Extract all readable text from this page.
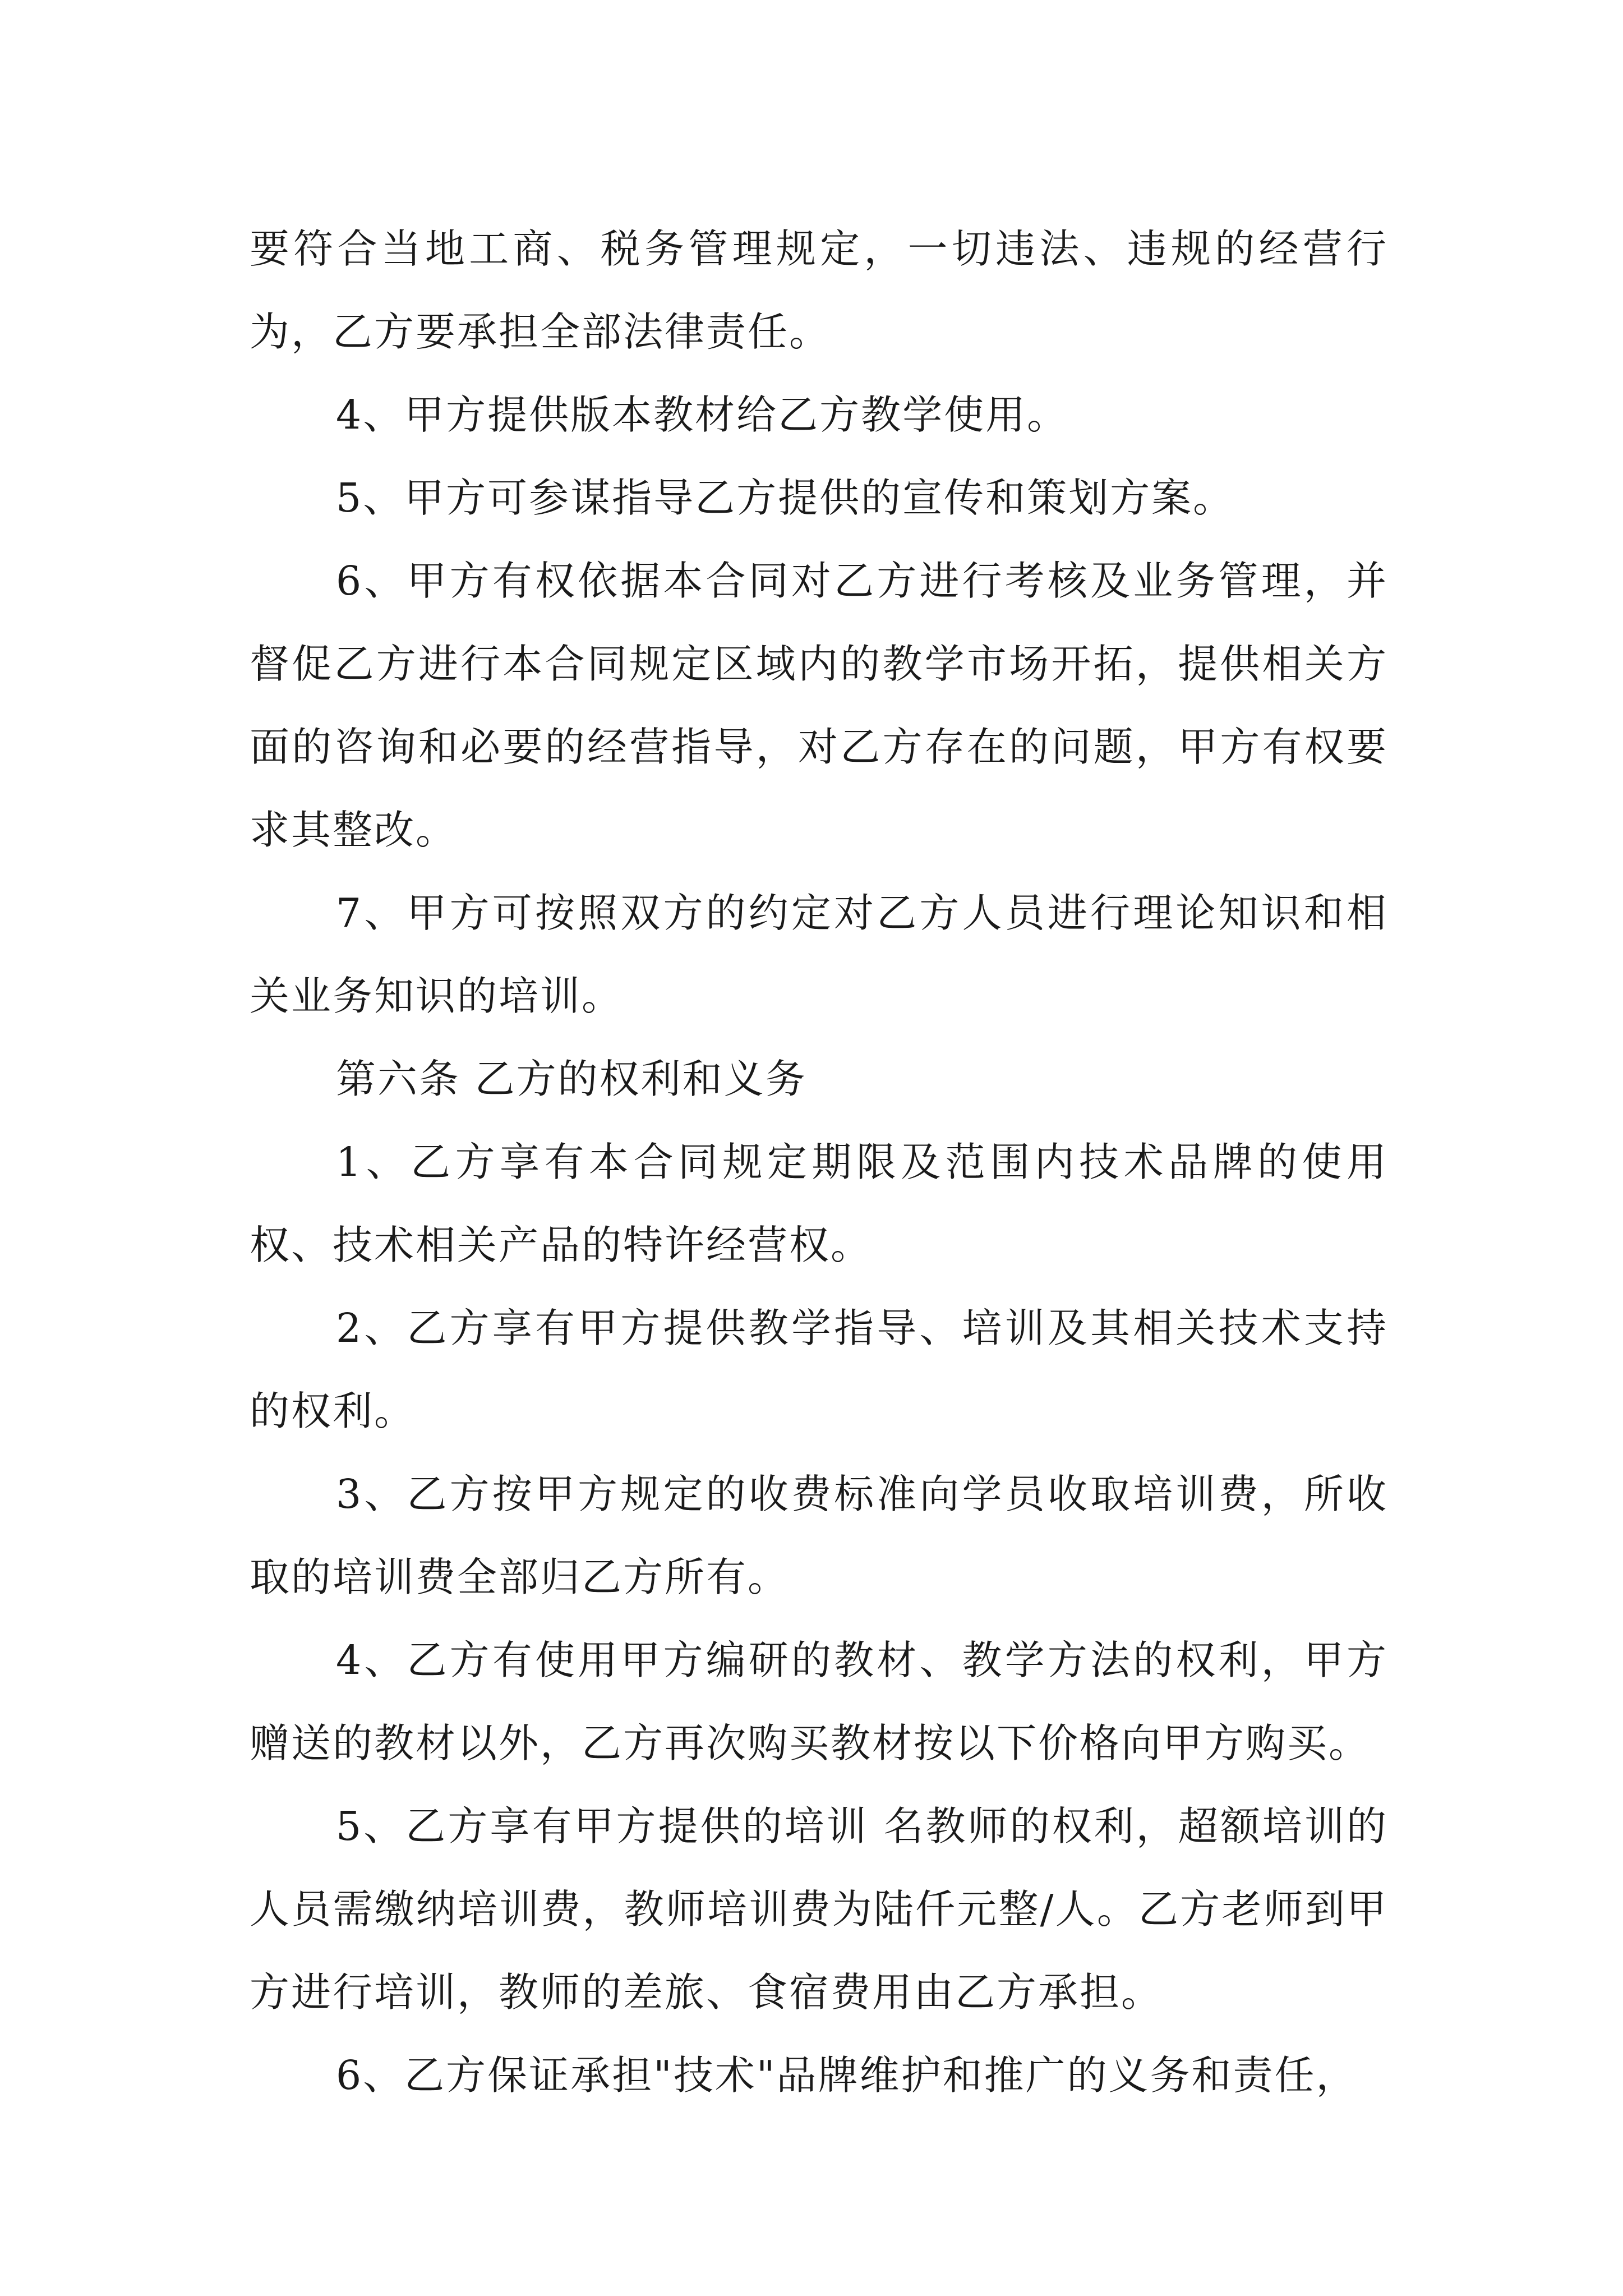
要符合当地工商、税务管理规定，一切违法、违规的经营行为，乙方要承担全部法律责任。

4、甲方提供版本教材给乙方教学使用。

5、甲方可参谋指导乙方提供的宣传和策划方案。

6、甲方有权依据本合同对乙方进行考核及业务管理，并督促乙方进行本合同规定区域内的教学市场开拓，提供相关方面的咨询和必要的经营指导，对乙方存在的问题，甲方有权要求其整改。

7、甲方可按照双方的约定对乙方人员进行理论知识和相关业务知识的培训。

第六条 乙方的权利和义务

1、乙方享有本合同规定期限及范围内技术品牌的使用权、技术相关产品的特许经营权。

2、乙方享有甲方提供教学指导、培训及其相关技术支持的权利。

3、乙方按甲方规定的收费标准向学员收取培训费，所收取的培训费全部归乙方所有。

4、乙方有使用甲方编研的教材、教学方法的权利，甲方赠送的教材以外，乙方再次购买教材按以下价格向甲方购买。

5、乙方享有甲方提供的培训 名教师的权利，超额培训的人员需缴纳培训费，教师培训费为陆仟元整/人。乙方老师到甲方进行培训，教师的差旅、食宿费用由乙方承担。

6、乙方保证承担"技术"品牌维护和推广的义务和责任，
